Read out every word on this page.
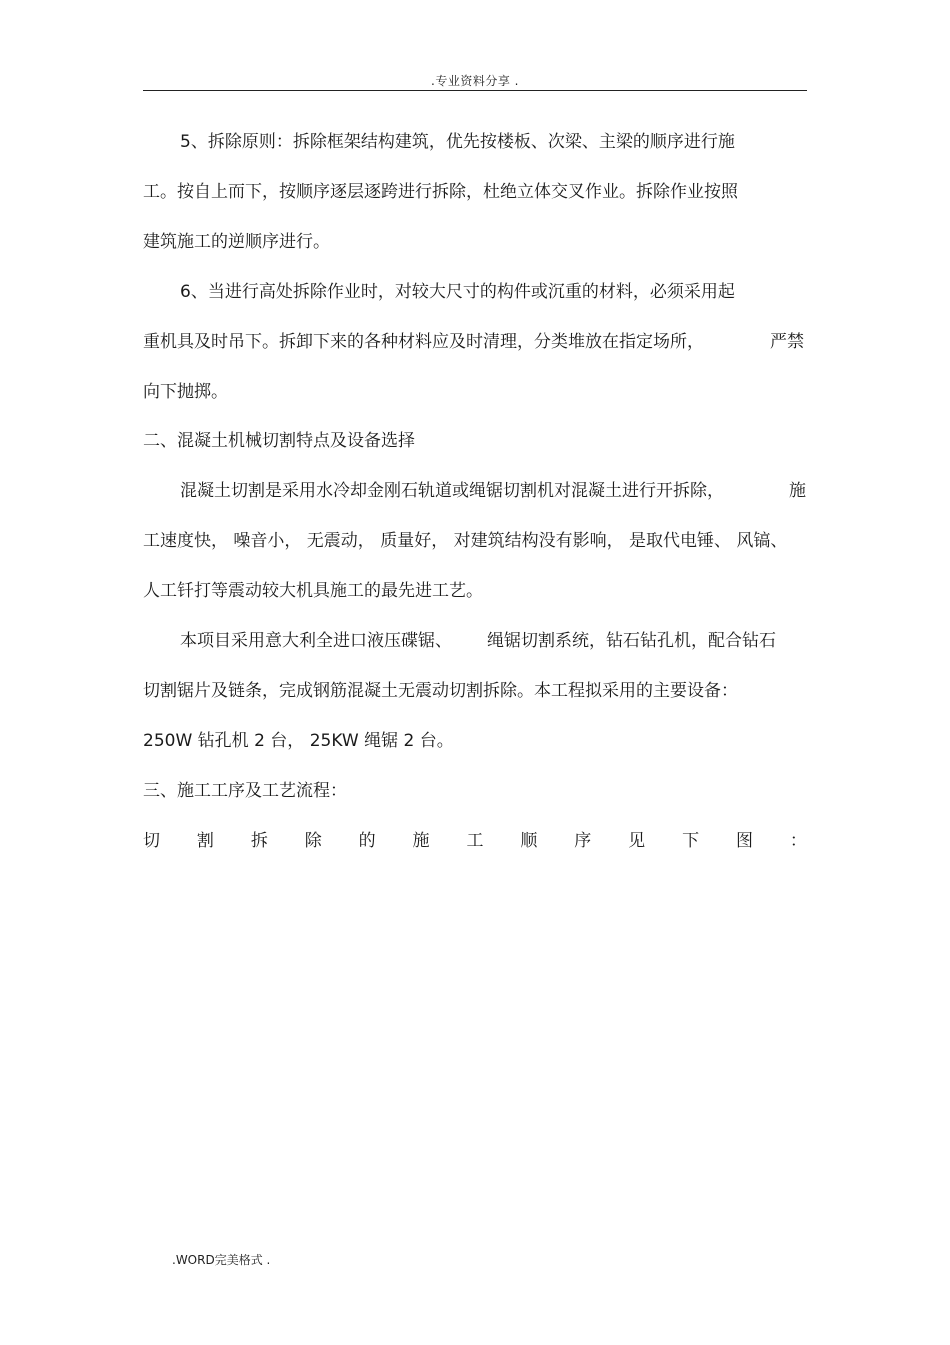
.专业资料分享 .
5、拆除原则：拆除框架结构建筑，优先按楼板、次梁、主梁的顺序进行施
工。按自上而下，按顺序逐层逐跨进行拆除，杜绝立体交叉作业。拆除作业按照
建筑施工的逆顺序进行。
6、当进行高处拆除作业时，对较大尺寸的构件或沉重的材料，必须采用起
重机具及时吊下。拆卸下来的各种材料应及时清理，分类堆放在指定场所，	严禁
向下抛掷。
二、混凝土机械切割特点及设备选择
混凝土切割是采用水冷却金刚石轨道或绳锯切割机对混凝土进行开拆除，	施
工速度快， 噪音小， 无震动， 质量好， 对建筑结构没有影响， 是取代电锤、 风镐、
人工钎打等震动较大机具施工的最先进工艺。
本项目采用意大利全进口液压碟锯、 绳锯切割系统，钻石钻孔机，配合钻石
切割锯片及链条，完成钢筋混凝土无震动切割拆除。本工程拟采用的主要设备：
250W 钻孔机 2 台， 25KW 绳锯 2 台。
三、施工工序及工艺流程：
切 割 拆 除 的 施 工 顺 序 见 下 图 ：
.WORD完美格式 .
